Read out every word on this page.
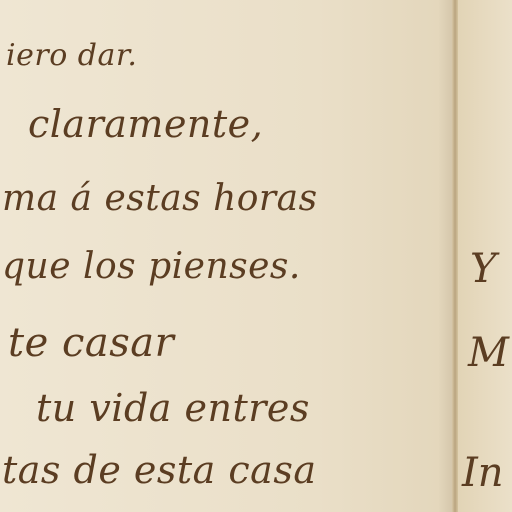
iero dar.

claramente,

ma á estas horas

que los pienses.

te casar

tu vida entres

tas de esta casa

Y

M

In
